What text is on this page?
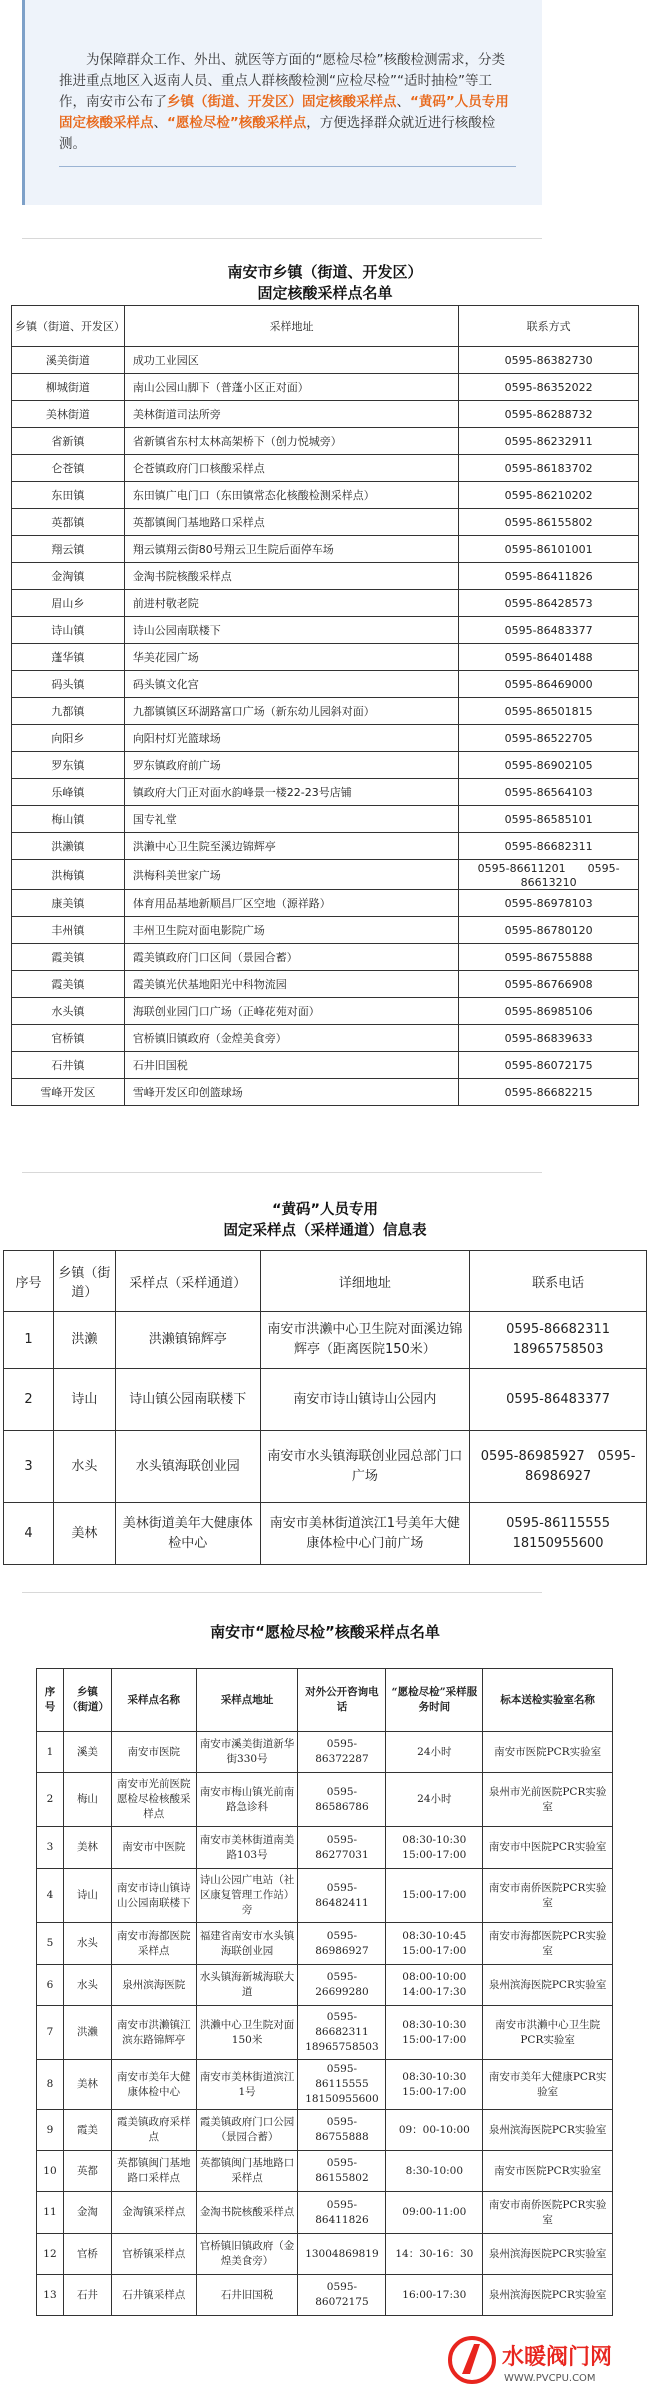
为保障群众工作、外出、就医等方面的“愿检尽检”核酸检测需求，分类推进重点地区入返南人员、重点人群核酸检测“应检尽检”“适时抽检”等工作，南安市公布了乡镇（街道、开发区）固定核酸采样点、“黄码”人员专用固定核酸采样点、“愿检尽检”核酸采样点，方便选择群众就近进行核酸检测。

南安市乡镇（街道、开发区）
固定核酸采样点名单
乡镇（街道、开发区）	采样地址	联系方式
溪美街道	成功工业园区	0595-86382730
柳城街道	南山公园山脚下（普蓬小区正对面）	0595-86352022
美林街道	美林街道司法所旁	0595-86288732
省新镇	省新镇省东村太林高架桥下（创力悦城旁）	0595-86232911
仑苍镇	仑苍镇政府门口核酸采样点	0595-86183702
东田镇	东田镇广电门口（东田镇常态化核酸检测采样点）	0595-86210202
英都镇	英都镇闽门基地路口采样点	0595-86155802
翔云镇	翔云镇翔云街80号翔云卫生院后面停车场	0595-86101001
金淘镇	金淘书院核酸采样点	0595-86411826
眉山乡	前进村敬老院	0595-86428573
诗山镇	诗山公园南联楼下	0595-86483377
蓬华镇	华美花园广场	0595-86401488
码头镇	码头镇文化宫	0595-86469000
九都镇	九都镇镇区环湖路富口广场（新东幼儿园斜对面）	0595-86501815
向阳乡	向阳村灯光篮球场	0595-86522705
罗东镇	罗东镇政府前广场	0595-86902105
乐峰镇	镇政府大门正对面水韵峰景一楼22-23号店铺	0595-86564103
梅山镇	国专礼堂	0595-86585101
洪濑镇	洪濑中心卫生院至溪边锦辉亭	0595-86682311
洪梅镇	洪梅科美世家广场	0595-86611201　　0595-86613210
康美镇	体育用品基地新顺昌厂区空地（源祥路）	0595-86978103
丰州镇	丰州卫生院对面电影院广场	0595-86780120
霞美镇	霞美镇政府门口区间（景园合蓄）	0595-86755888
霞美镇	霞美镇光伏基地阳光中科物流园	0595-86766908
水头镇	海联创业园门口广场（正峰花苑对面）	0595-86985106
官桥镇	官桥镇旧镇政府（金煌美食旁）	0595-86839633
石井镇	石井旧国税	0595-86072175
雪峰开发区	雪峰开发区印创篮球场	0595-86682215
“黄码”人员专用
固定采样点（采样通道）信息表
序号	乡镇（街道）	采样点（采样通道）	详细地址	联系电话
1	洪濑	洪濑镇锦辉亭	南安市洪濑中心卫生院对面溪边锦辉亭（距离医院150米）	0595-86682311　18965758503
2	诗山	诗山镇公园南联楼下	南安市诗山镇诗山公园内	0595-86483377
3	水头	水头镇海联创业园	南安市水头镇海联创业园总部门口广场	0595-86985927　0595-86986927
4	美林	美林街道美年大健康体检中心	南安市美林街道滨江1号美年大健康体检中心门前广场	0595-86115555　18150955600
南安市“愿检尽检”核酸采样点名单
序号	乡镇（街道）	采样点名称	采样点地址	对外公开咨询电话	“愿检尽检”采样服务时间	标本送检实验室名称
1	溪美	南安市医院	南安市溪美街道新华街330号	0595-86372287	24小时	南安市医院PCR实验室
2	梅山	南安市光前医院愿检尽检核酸采样点	南安市梅山镇光前南路急诊科	0595-86586786	24小时	泉州市光前医院PCR实验室
3	美林	南安市中医院	南安市美林街道南美路103号	0595-86277031	08:30-10:30 15:00-17:00	南安市中医院PCR实验室
4	诗山	南安市诗山镇诗山公园南联楼下	诗山公园广电站（社区康复管理工作站）旁	0595-86482411	15:00-17:00	南安市南侨医院PCR实验室
5	水头	南安市海都医院采样点	福建省南安市水头镇海联创业园	0595-86986927	08:30-10:45 15:00-17:00	南安市海都医院PCR实验室
6	水头	泉州滨海医院	水头镇海新城海联大道	0595-26699280	08:00-10:00 14:00-17:30	泉州滨海医院PCR实验室
7	洪濑	南安市洪濑镇江滨东路锦辉亭	洪濑中心卫生院对面150米	0595-86682311 18965758503	08:30-10:30 15:00-17:00	南安市洪濑中心卫生院PCR实验室
8	美林	南安市美年大健康体检中心	南安市美林街道滨江1号	0595-86115555 18150955600	08:30-10:30 15:00-17:00	南安市美年大健康PCR实验室
9	霞美	霞美镇政府采样点	霞美镇政府门口公园（景园合蓄）	0595-86755888	09：00-10:00	泉州滨海医院PCR实验室
10	英都	英都镇闽门基地路口采样点	英都镇闽门基地路口采样点	0595-86155802	8:30-10:00	南安市医院PCR实验室
11	金淘	金淘镇采样点	金淘书院核酸采样点	0595-86411826	09:00-11:00	南安市南侨医院PCR实验室
12	官桥	官桥镇采样点	官桥镇旧镇政府（金煌美食旁）	13004869819	14：30-16：30	泉州滨海医院PCR实验室
13	石井	石井镇采样点	石井旧国税	0595-86072175	16:00-17:30	泉州滨海医院PCR实验室
水暖阀门网
WWW.PVCPU.COM
